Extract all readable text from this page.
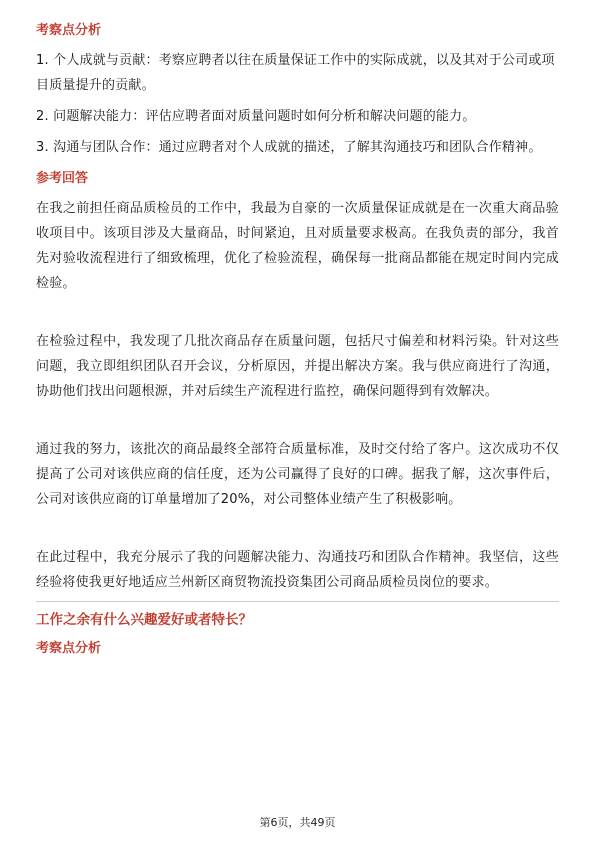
考察点分析

1. 个人成就与贡献：考察应聘者以往在质量保证工作中的实际成就，以及其对于公司或项目质量提升的贡献。

2. 问题解决能力：评估应聘者面对质量问题时如何分析和解决问题的能力。

3. 沟通与团队合作：通过应聘者对个人成就的描述，了解其沟通技巧和团队合作精神。

参考回答

在我之前担任商品质检员的工作中，我最为自豪的一次质量保证成就是在一次重大商品验收项目中。该项目涉及大量商品，时间紧迫，且对质量要求极高。在我负责的部分，我首先对验收流程进行了细致梳理，优化了检验流程，确保每一批商品都能在规定时间内完成检验。

在检验过程中，我发现了几批次商品存在质量问题，包括尺寸偏差和材料污染。针对这些问题，我立即组织团队召开会议，分析原因，并提出解决方案。我与供应商进行了沟通，协助他们找出问题根源，并对后续生产流程进行监控，确保问题得到有效解决。

通过我的努力，该批次的商品最终全部符合质量标准，及时交付给了客户。这次成功不仅提高了公司对该供应商的信任度，还为公司赢得了良好的口碑。据我了解，这次事件后，公司对该供应商的订单量增加了20%，对公司整体业绩产生了积极影响。

在此过程中，我充分展示了我的问题解决能力、沟通技巧和团队合作精神。我坚信，这些经验将使我更好地适应兰州新区商贸物流投资集团公司商品质检员岗位的要求。

工作之余有什么兴趣爱好或者特长？
考察点分析
第6页，共49页
